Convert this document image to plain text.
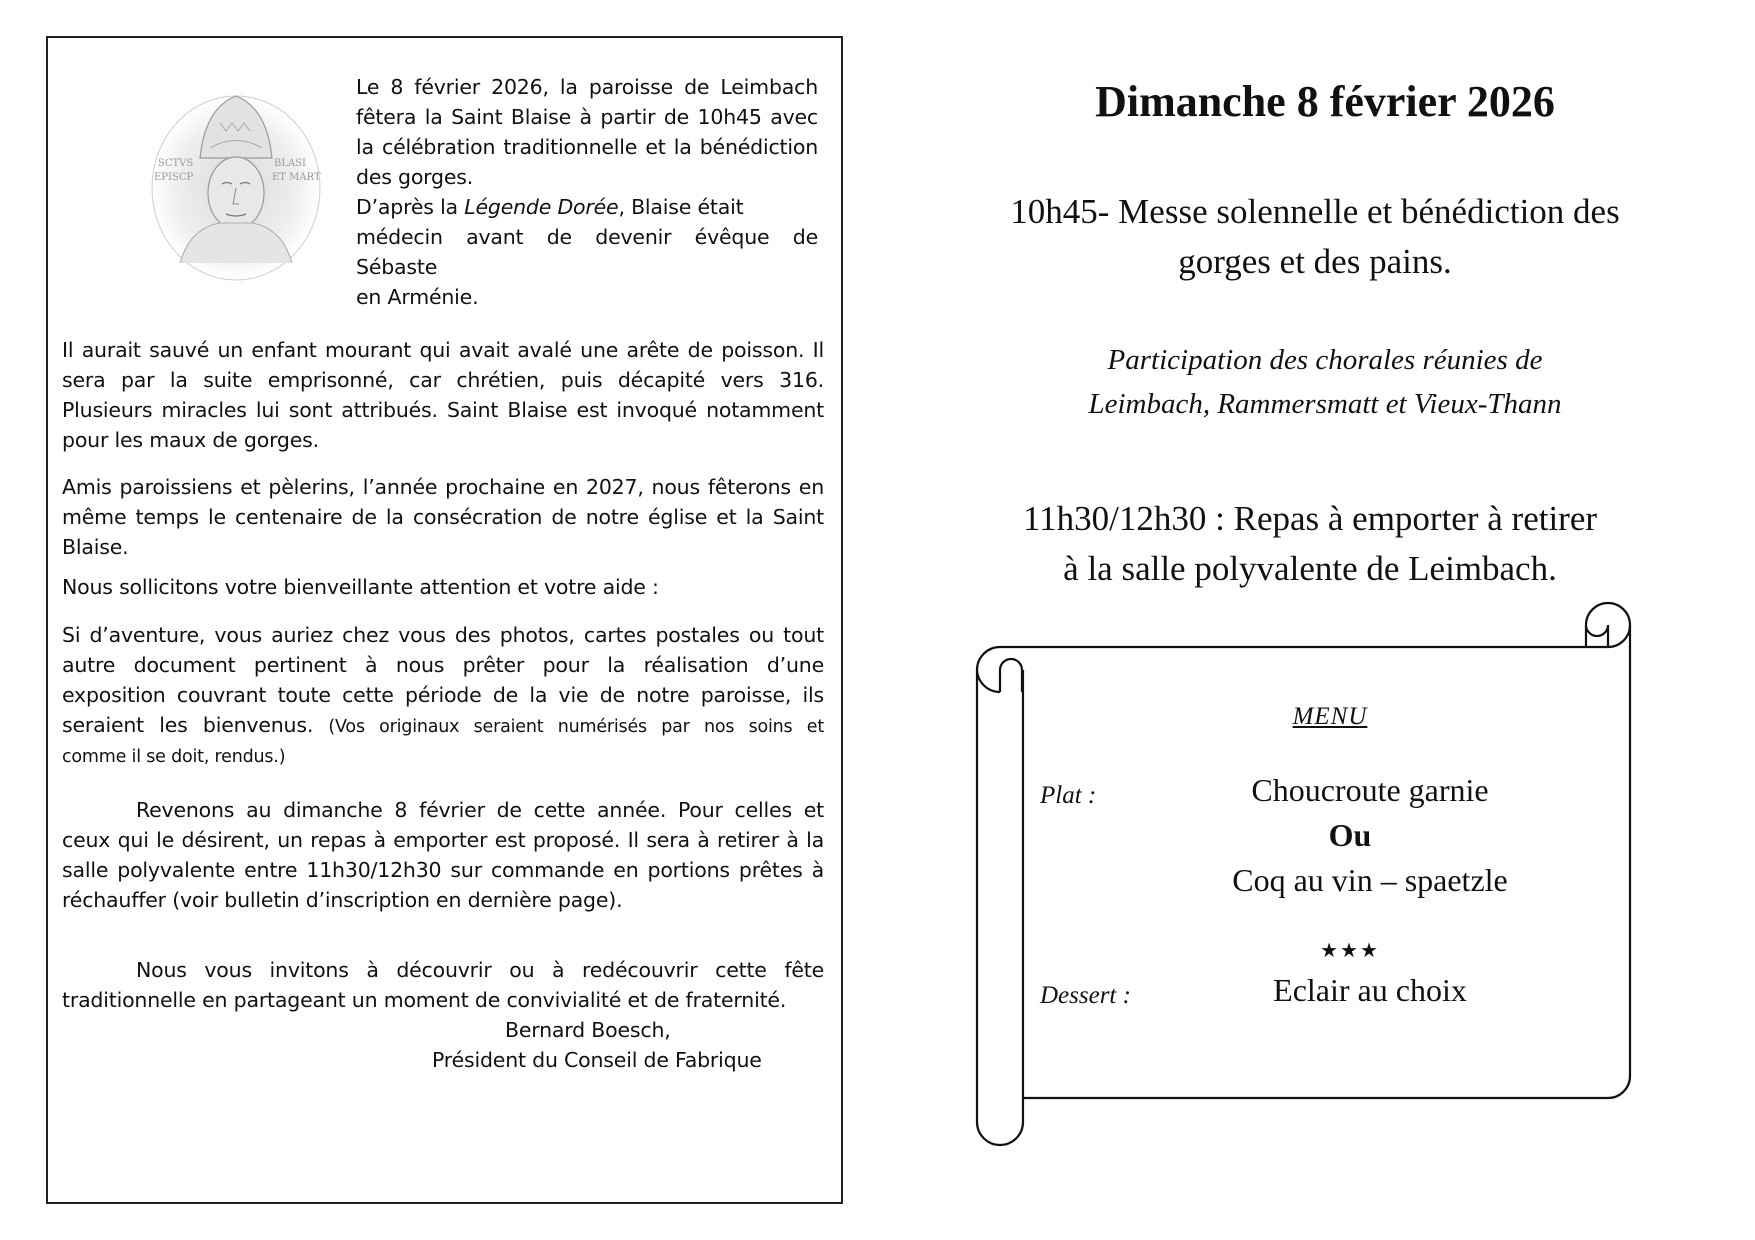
SCTVS	BLASI
EPISCP	ET MART
Le 8 février 2026, la paroisse de Leimbach
fêtera la Saint Blaise à partir de 10h45 avec
la célébration traditionnelle et la bénédiction
des gorges.
D’après la Légende Dorée, Blaise était
médecin avant de devenir évêque de Sébaste
en Arménie.
Il aurait sauvé un enfant mourant qui avait avalé une arête de poisson. Il
sera par la suite emprisonné, car chrétien, puis décapité vers 316.
Plusieurs miracles lui sont attribués. Saint Blaise est invoqué notamment
pour les maux de gorges.
Amis paroissiens et pèlerins, l’année prochaine en 2027, nous fêterons en
même temps le centenaire de la consécration de notre église et la Saint
Blaise.
Nous sollicitons votre bienveillante attention et votre aide :
Si d’aventure, vous auriez chez vous des photos, cartes postales ou tout
autre document pertinent à nous prêter pour la réalisation d’une
exposition couvrant toute cette période de la vie de notre paroisse, ils
seraient les bienvenus. (Vos originaux seraient numérisés par nos soins et
comme il se doit, rendus.)
Revenons au dimanche 8 février de cette année. Pour celles et
ceux qui le désirent, un repas à emporter est proposé. Il sera à retirer à la
salle polyvalente entre 11h30/12h30 sur commande en portions prêtes à
réchauffer (voir bulletin d’inscription en dernière page).
Nous vous invitons à découvrir ou à redécouvrir cette fête
traditionnelle en partageant un moment de convivialité et de fraternité.
Bernard Boesch,
Président du Conseil de Fabrique
Dimanche 8 février 2026
10h45- Messe solennelle et bénédiction des
gorges et des pains.
Participation des chorales réunies de
Leimbach, Rammersmatt et Vieux-Thann
11h30/12h30 : Repas à emporter à retirer
à la salle polyvalente de Leimbach.
MENU
Plat :	Choucroute garnie
Ou
Coq au vin – spaetzle
★★★
Dessert :	Eclair au choix
